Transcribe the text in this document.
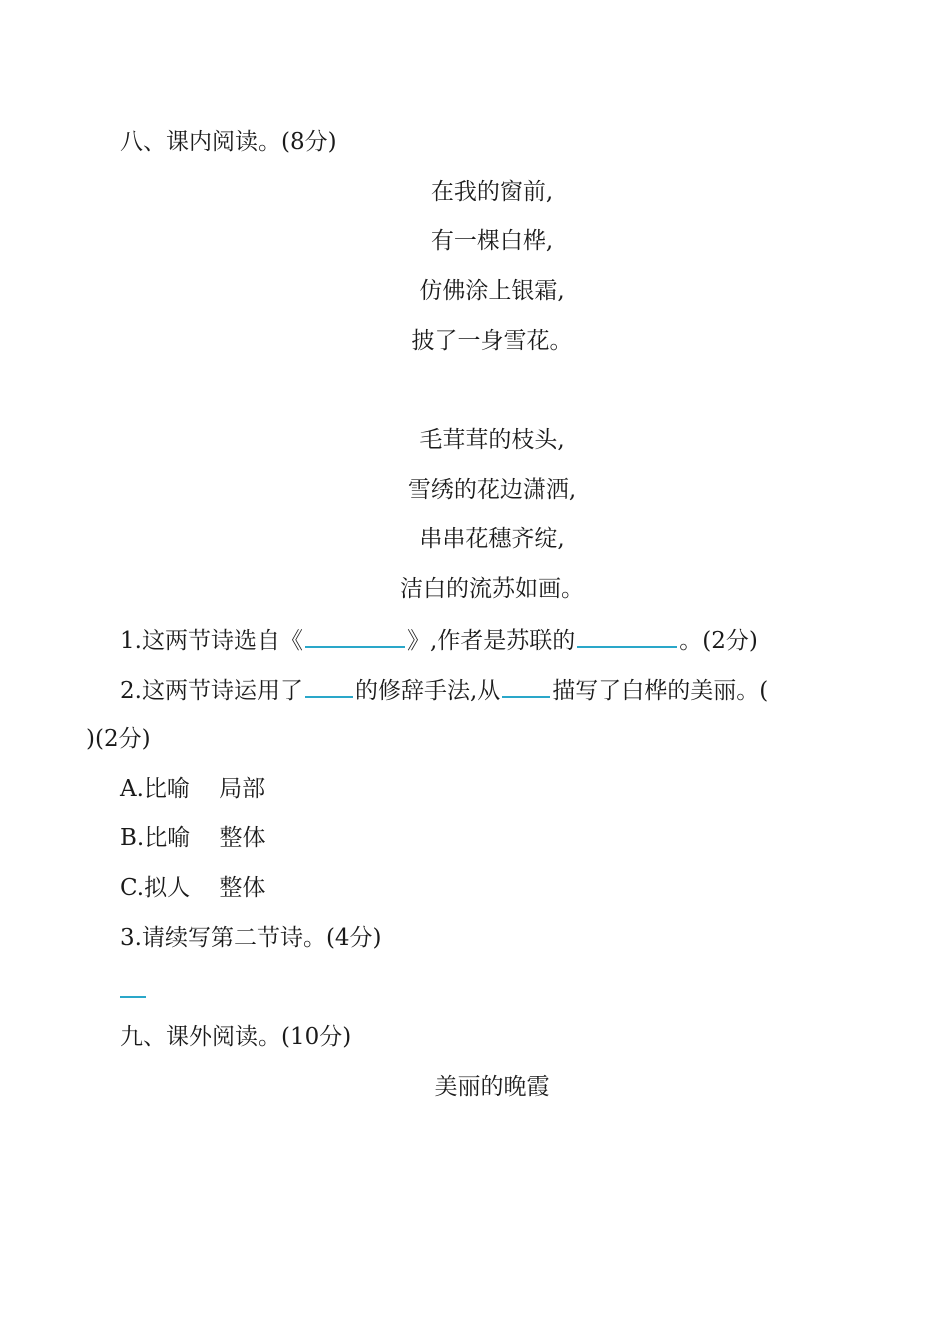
八、课内阅读。(8分)
在我的窗前,
有一棵白桦,
仿佛涂上银霜,
披了一身雪花。
毛茸茸的枝头,
雪绣的花边潇洒,
串串花穗齐绽,
洁白的流苏如画。
1.这两节诗选自《	》,作者是苏联的	。(2分)
2.这两节诗运用了 的修辞手法,从 描写了白桦的美丽。(
)(2分)
A.比喻    局部
B.比喻    整体
C.拟人    整体
3.请续写第二节诗。(4分)
九、课外阅读。(10分)
美丽的晚霞
